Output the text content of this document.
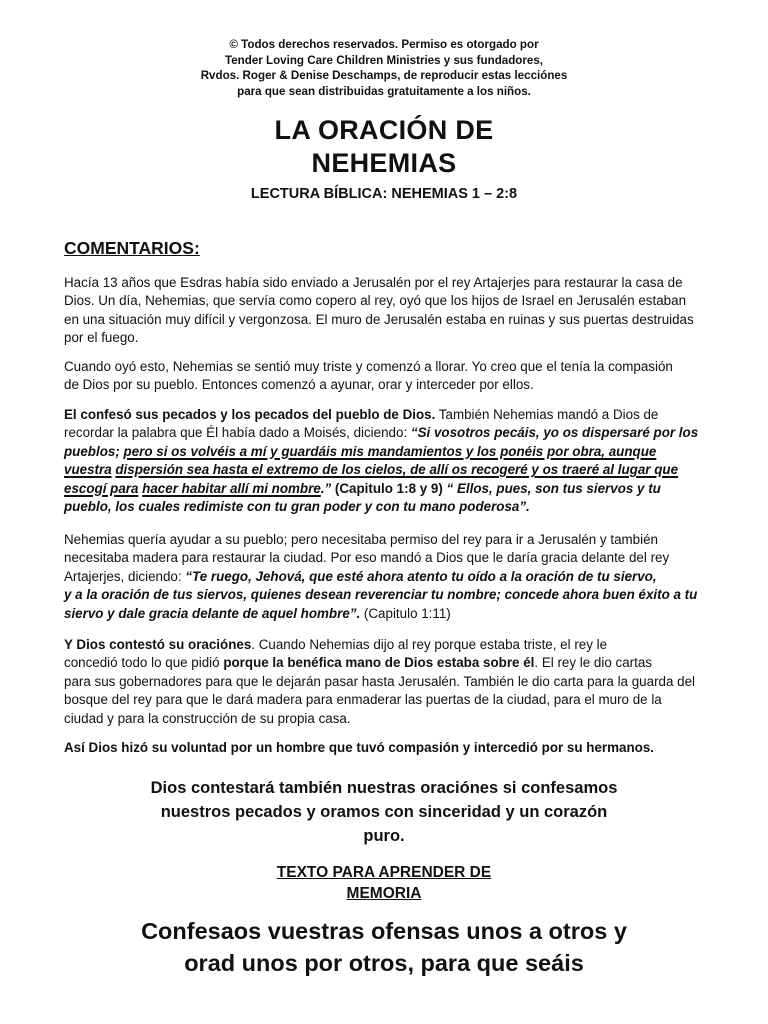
© Todos derechos reservados. Permiso es otorgado por
Tender Loving Care Children Ministries y sus fundadores,
Rvdos. Roger & Denise Deschamps, de reproducir estas lecciónes
para que sean distribuidas gratuitamente a los niños.
LA ORACIÓN DE
NEHEMIAS
LECTURA BÍBLICA: NEHEMIAS 1 – 2:8
COMENTARIOS:
Hacía 13 años que Esdras había sido enviado a Jerusalén por el rey Artajerjes para restaurar la casa de
Dios. Un día, Nehemias, que servía como copero al rey, oyó que los hijos de Israel en Jerusalén estaban
en una situación muy difícil y vergonzosa. El muro de Jerusalén estaba en ruinas y sus puertas destruidas
por el fuego.
Cuando oyó esto, Nehemias se sentió muy triste y comenzó a llorar. Yo creo que el tenía la compasión
de Dios por su pueblo. Entonces comenzó a ayunar, orar y interceder por ellos.
El confesó sus pecados y los pecados del pueblo de Dios. También Nehemias mandó a Dios de
recordar la palabra que Él había dado a Moisés, diciendo: “Si vosotros pecáis, yo os dispersaré por los
pueblos; pero si os volvéis a mí y guardáis mis mandamientos y los ponéis por obra, aunque
vuestra dispersión sea hasta el extremo de los cielos, de allí os recogeré y os traeré al lugar que
escogí para hacer habitar allí mi nombre.” (Capitulo 1:8 y 9) “ Ellos, pues, son tus siervos y tu
pueblo, los cuales redimiste con tu gran poder y con tu mano poderosa”.
Nehemias quería ayudar a su pueblo; pero necesitaba permiso del rey para ir a Jerusalén y también
necesitaba madera para restaurar la ciudad. Por eso mandó a Dios que le daría gracia delante del rey
Artajerjes, diciendo: “Te ruego, Jehová, que esté ahora atento tu oído a la oración de tu siervo,
y a la oración de tus siervos, quienes desean reverenciar tu nombre; concede ahora buen éxito a tu
siervo y dale gracia delante de aquel hombre”. (Capitulo 1:11)
Y Dios contestó su oraciónes. Cuando Nehemias dijo al rey porque estaba triste, el rey le
concedió todo lo que pidió porque la benéfica mano de Dios estaba sobre él. El rey le dio cartas
para sus gobernadores para que le dejarán pasar hasta Jerusalén. También le dio carta para la guarda del
bosque del rey para que le dará madera para enmaderar las puertas de la ciudad, para el muro de la
ciudad y para la construcción de su propia casa.
Así Dios hizó su voluntad por un hombre que tuvó compasión y intercedió por su hermanos.
Dios contestará también nuestras oraciónes si confesamos
nuestros pecados y oramos con sinceridad y un corazón
puro.
TEXTO PARA APRENDER DE
MEMORIA
Confesaos vuestras ofensas unos a otros y
orad unos por otros, para que seáis
